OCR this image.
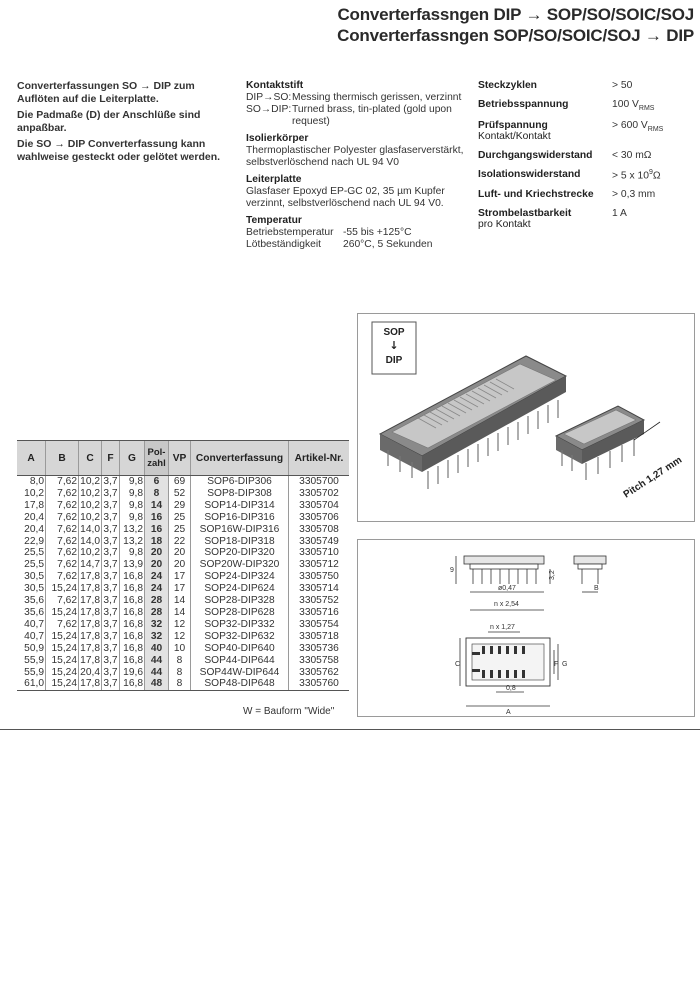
Converterfassngen DIP → SOP/SO/SOIC/SOJ
Converterfassngen SOP/SO/SOIC/SOJ → DIP

Converterfassungen SO → DIP zum Auflöten auf die Leiterplatte.

Die Padmaße (D) der Anschlüße sind anpaßbar.

Die SO → DIP Converterfassung kann wahlweise gesteckt oder gelötet werden.

Kontaktstift
DIP→SO: Messing thermisch gerissen, verzinnt
SO→DIP: Turned brass, tin-plated (gold upon
request)
Isolierkörper
Thermoplastischer Polyester glasfaserverstärkt, selbstverlöschend nach UL 94 V0
Leiterplatte
Glasfaser Epoxyd EP-GC 02, 35 µm Kupfer verzinnt, selbstverlöschend nach UL 94 V0.
Temperatur
Betriebstemperatur -55 bis +125°C
Lötbeständigkeit	260°C, 5 Sekunden
Steckzyklen	> 50
Betriebsspannung	100 $V_{RMS}$
Prüfspannung
Kontakt/Kontakt
> 600 $V_{RMS}$
Durchgangswiderstand < 30 mΩ
Isolationswiderstand	> 5 x $10^9\Omega$
Luft- und Kriechstrecke > 0,3 mm
Strombelastbarkeit
pro Kontakt
1 A
SOP
↓
DIP
Pitch 1,27 mm
9
ø0,47
3,2
n x 2,54
B
n x 1,27
C	F G
0,8
A
A	B	C	F	G	Pol-
zahl	VP	Converterfassung	Artikel-Nr.
8,0	7,62	10,2	3,7	9,8	6	69	SOP6-DIP306	3305700
10,2	7,62	10,2	3,7	9,8	8	52	SOP8-DIP308	3305702
17,8	7,62	10,2	3,7	9,8	14	29	SOP14-DIP314	3305704
20,4	7,62	10,2	3,7	9,8	16	25	SOP16-DIP316	3305706
20,4	7,62	14,0	3,7	13,2	16	25	SOP16W-DIP316	3305708
22,9	7,62	14,0	3,7	13,2	18	22	SOP18-DIP318	3305749
25,5	7,62	10,2	3,7	9,8	20	20	SOP20-DIP320	3305710
25,5	7,62	14,7	3,7	13,9	20	20	SOP20W-DIP320	3305712
30,5	7,62	17,8	3,7	16,8	24	17	SOP24-DIP324	3305750
30,5	15,24	17,8	3,7	16,8	24	17	SOP24-DIP624	3305714
35,6	7,62	17,8	3,7	16,8	28	14	SOP28-DIP328	3305752
35,6	15,24	17,8	3,7	16,8	28	14	SOP28-DIP628	3305716
40,7	7,62	17,8	3,7	16,8	32	12	SOP32-DIP332	3305754
40,7	15,24	17,8	3,7	16,8	32	12	SOP32-DIP632	3305718
50,9	15,24	17,8	3,7	16,8	40	10	SOP40-DIP640	3305736
55,9	15,24	17,8	3,7	16,8	44	8	SOP44-DIP644	3305758
55,9	15,24	20,4	3,7	19,6	44	8	SOP44W-DIP644	3305762
61,0	15,24	17,8	3,7	16,8	48	8	SOP48-DIP648	3305760
W = Bauform "Wide"
